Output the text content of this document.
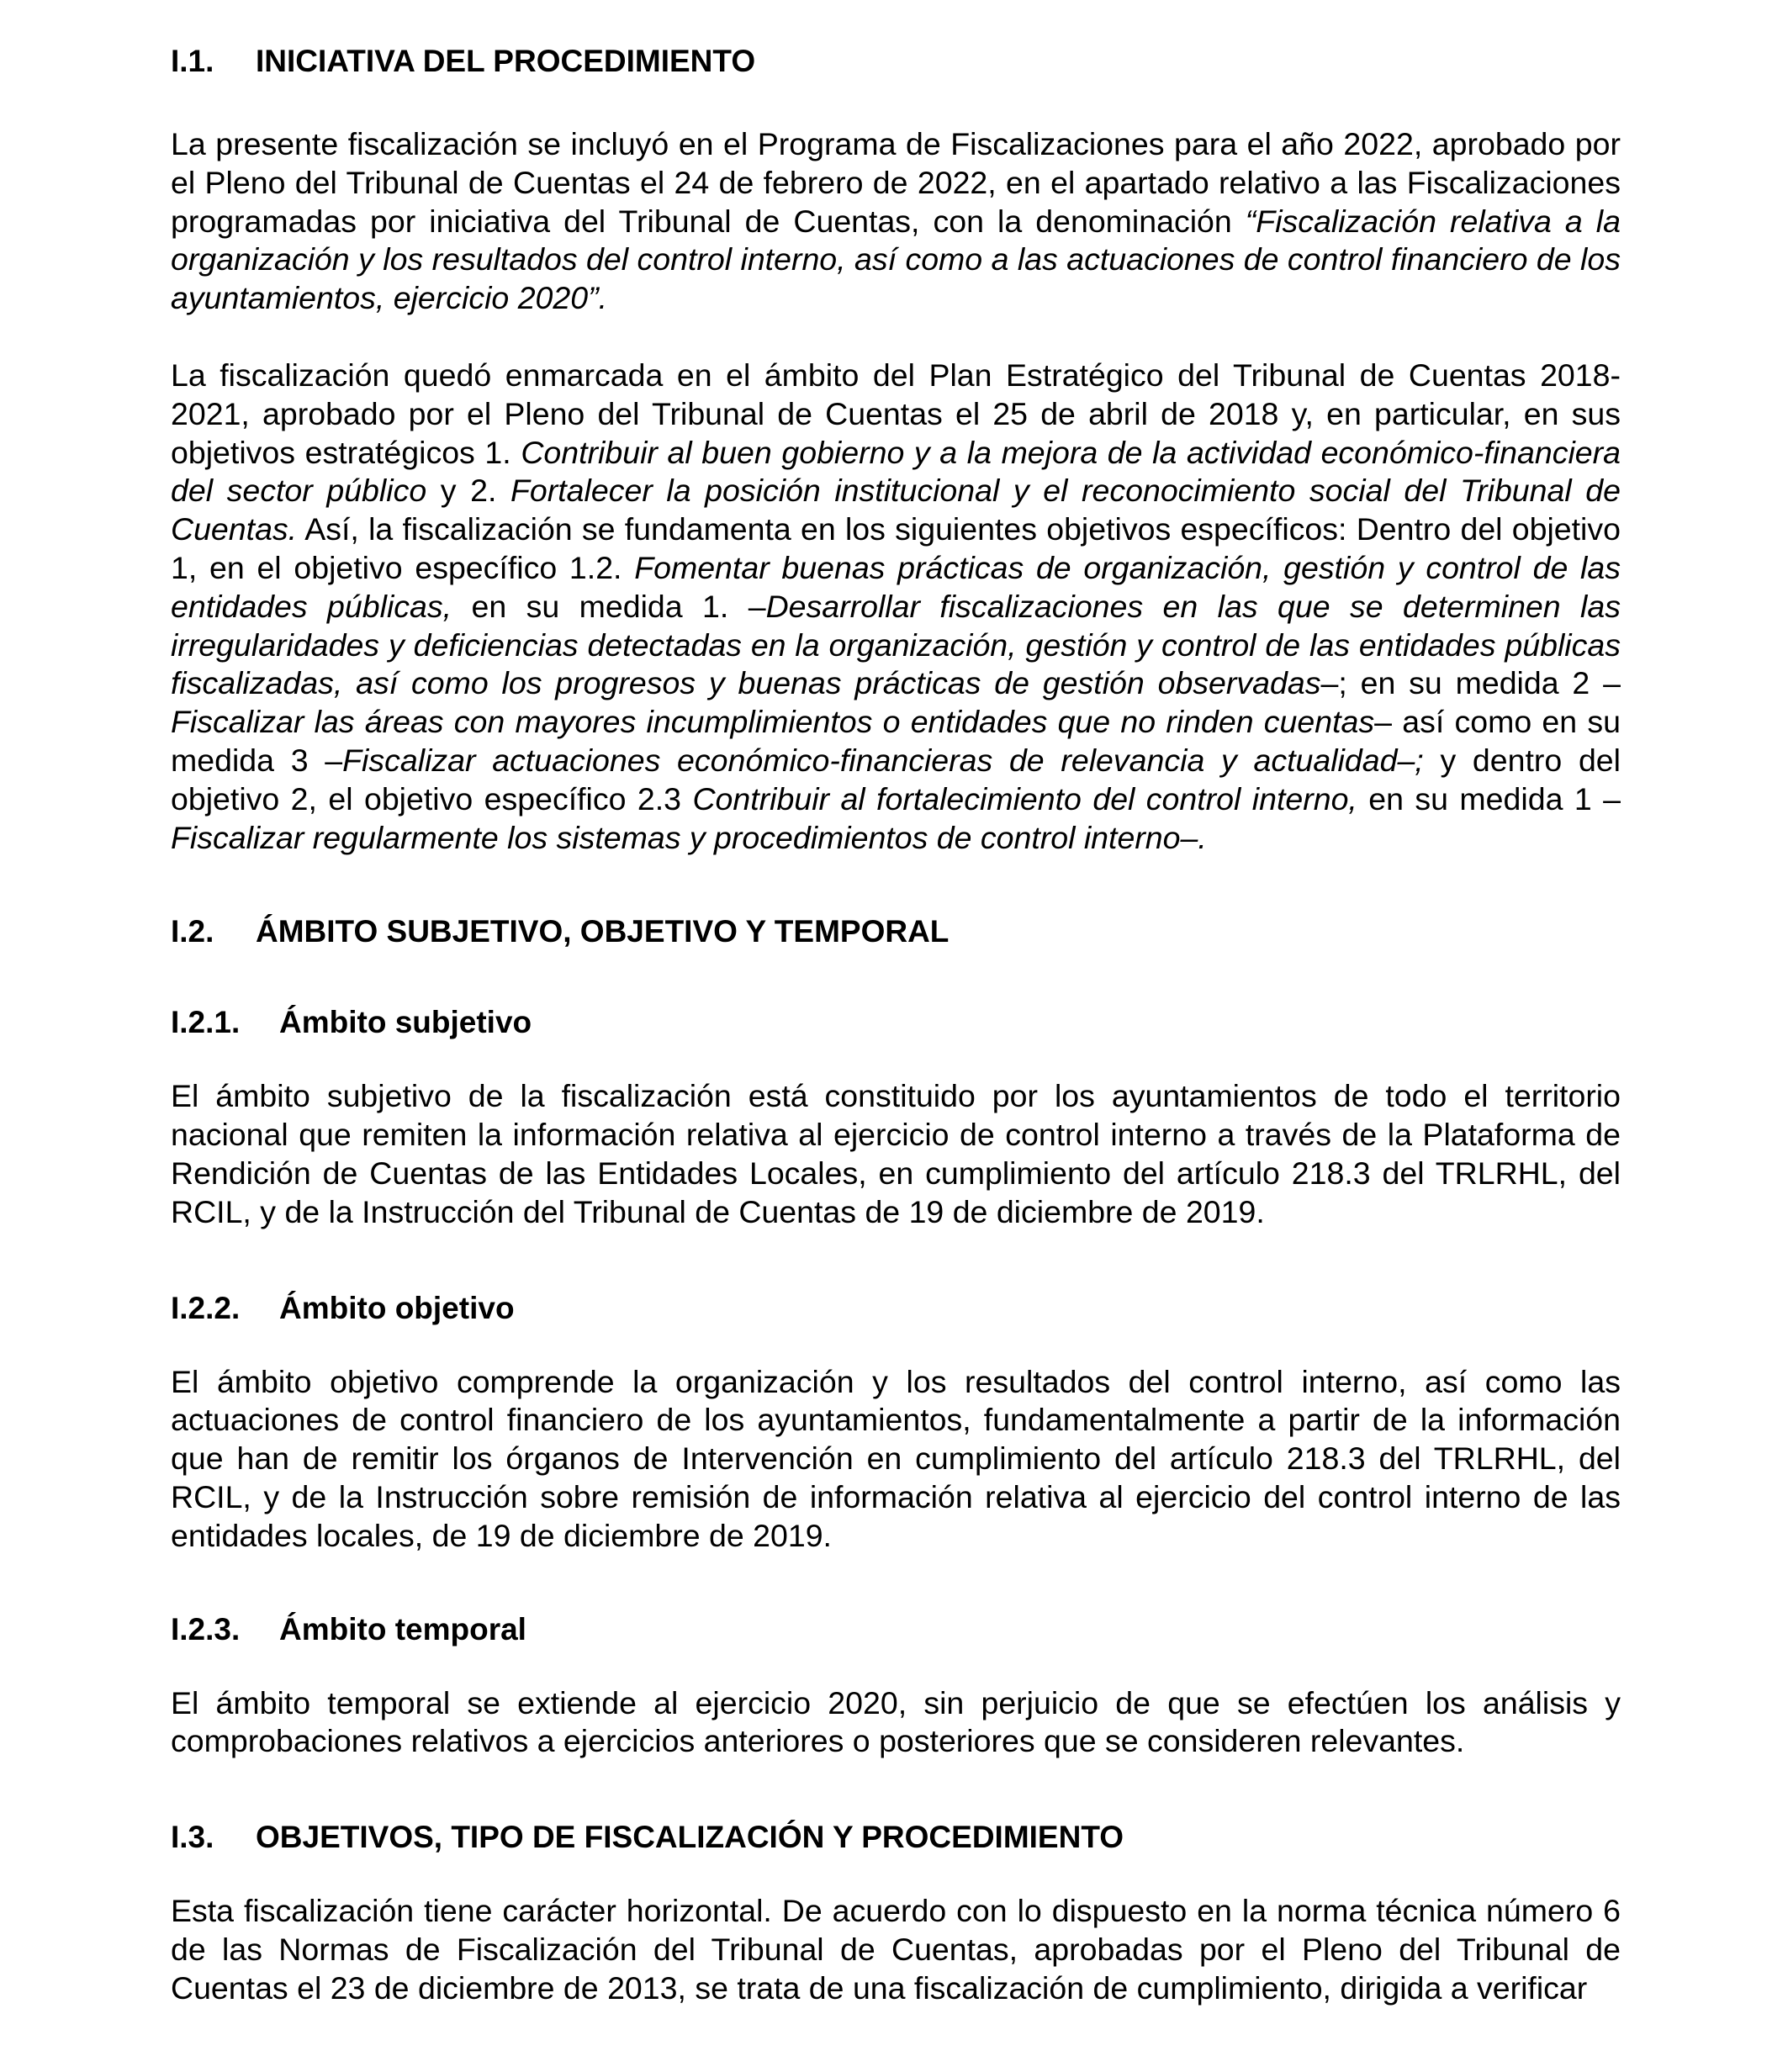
I.1. INICIATIVA DEL PROCEDIMIENTO

La presente fiscalización se incluyó en el Programa de Fiscalizaciones para el año 2022, aprobado por el Pleno del Tribunal de Cuentas el 24 de febrero de 2022, en el apartado relativo a las Fiscalizaciones programadas por iniciativa del Tribunal de Cuentas, con la denominación “Fiscalización relativa a la organización y los resultados del control interno, así como a las actuaciones de control financiero de los ayuntamientos, ejercicio 2020”.

La fiscalización quedó enmarcada en el ámbito del Plan Estratégico del Tribunal de Cuentas 2018-2021, aprobado por el Pleno del Tribunal de Cuentas el 25 de abril de 2018 y, en particular, en sus objetivos estratégicos 1. Contribuir al buen gobierno y a la mejora de la actividad económico-financiera del sector público y 2. Fortalecer la posición institucional y el reconocimiento social del Tribunal de Cuentas. Así, la fiscalización se fundamenta en los siguientes objetivos específicos: Dentro del objetivo 1, en el objetivo específico 1.2. Fomentar buenas prácticas de organización, gestión y control de las entidades públicas, en su medida 1. –Desarrollar fiscalizaciones en las que se determinen las irregularidades y deficiencias detectadas en la organización, gestión y control de las entidades públicas fiscalizadas, así como los progresos y buenas prácticas de gestión observadas–; en su medida 2 –Fiscalizar las áreas con mayores incumplimientos o entidades que no rinden cuentas– así como en su medida 3 –Fiscalizar actuaciones económico-financieras de relevancia y actualidad–; y dentro del objetivo 2, el objetivo específico 2.3 Contribuir al fortalecimiento del control interno, en su medida 1 –Fiscalizar regularmente los sistemas y procedimientos de control interno–.

I.2. ÁMBITO SUBJETIVO, OBJETIVO Y TEMPORAL
I.2.1. Ámbito subjetivo

El ámbito subjetivo de la fiscalización está constituido por los ayuntamientos de todo el territorio nacional que remiten la información relativa al ejercicio de control interno a través de la Plataforma de Rendición de Cuentas de las Entidades Locales, en cumplimiento del artículo 218.3 del TRLRHL, del RCIL, y de la Instrucción del Tribunal de Cuentas de 19 de diciembre de 2019.

I.2.2. Ámbito objetivo

El ámbito objetivo comprende la organización y los resultados del control interno, así como las actuaciones de control financiero de los ayuntamientos, fundamentalmente a partir de la información que han de remitir los órganos de Intervención en cumplimiento del artículo 218.3 del TRLRHL, del RCIL, y de la Instrucción sobre remisión de información relativa al ejercicio del control interno de las entidades locales, de 19 de diciembre de 2019.

I.2.3. Ámbito temporal

El ámbito temporal se extiende al ejercicio 2020, sin perjuicio de que se efectúen los análisis y comprobaciones relativos a ejercicios anteriores o posteriores que se consideren relevantes.

I.3. OBJETIVOS, TIPO DE FISCALIZACIÓN Y PROCEDIMIENTO

Esta fiscalización tiene carácter horizontal. De acuerdo con lo dispuesto en la norma técnica número 6 de las Normas de Fiscalización del Tribunal de Cuentas, aprobadas por el Pleno del Tribunal de Cuentas el 23 de diciembre de 2013, se trata de una fiscalización de cumplimiento, dirigida a verificar
